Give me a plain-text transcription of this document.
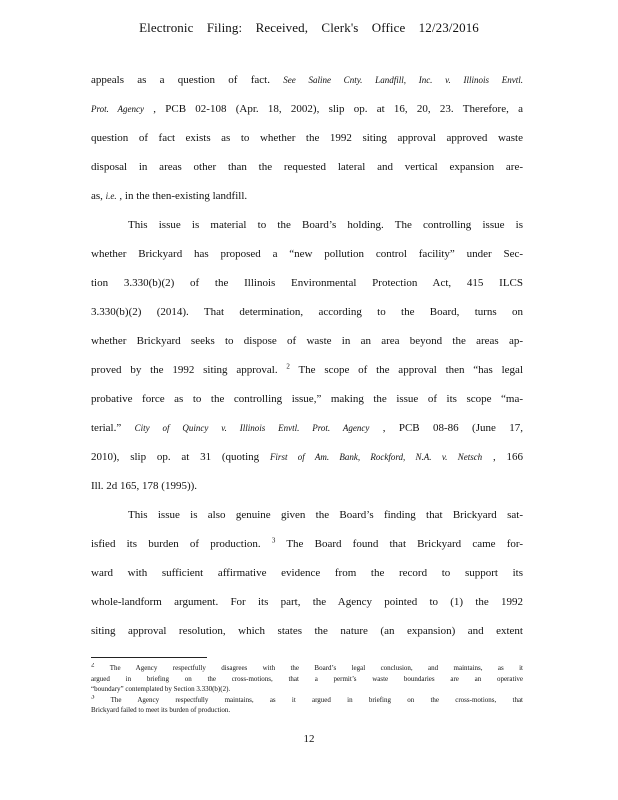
Electronic Filing: Received, Clerk's Office 12/23/2016
appeals as a question of fact. See Saline Cnty. Landfill, Inc. v. Illinois Envtl.
Prot. Agency , PCB 02-108 (Apr. 18, 2002), slip op. at 16, 20, 23. Therefore, a
question of fact exists as to whether the 1992 siting approval approved waste
disposal in areas other than the requested lateral and vertical expansion are-
as, i.e. , in the then-existing landfill.
This issue is material to the Board’s holding. The controlling issue is
whether Brickyard has proposed a “new pollution control facility” under Sec-
tion 3.330(b)(2) of the Illinois Environmental Protection Act, 415 ILCS
3.330(b)(2) (2014). That determination, according to the Board, turns on
whether Brickyard seeks to dispose of waste in an area beyond the areas ap-
proved by the 1992 siting approval. $^2$ The scope of the approval then “has legal
probative force as to the controlling issue,” making the issue of its scope “ma-
terial.” City of Quincy v. Illinois Envtl. Prot. Agency , PCB 08-86 (June 17,
2010), slip op. at 31 (quoting First of Am. Bank, Rockford, N.A. v. Netsch , 166
Ill. 2d 165, 178 (1995)).
This issue is also genuine given the Board’s finding that Brickyard sat-
isfied its burden of production. $^3$ The Board found that Brickyard came for-
ward with sufficient affirmative evidence from the record to support its
whole-landform argument. For its part, the Agency pointed to (1) the 1992
siting approval resolution, which states the nature (an expansion) and extent
2 The Agency respectfully disagrees with the Board’s legal conclusion, and maintains, as it
argued in briefing on the cross-motions, that a permit’s waste boundaries are an operative
“boundary” contemplated by Section 3.330(b)(2).
3 The Agency respectfully maintains, as it argued in briefing on the cross-motions, that
Brickyard failed to meet its burden of production.
12
